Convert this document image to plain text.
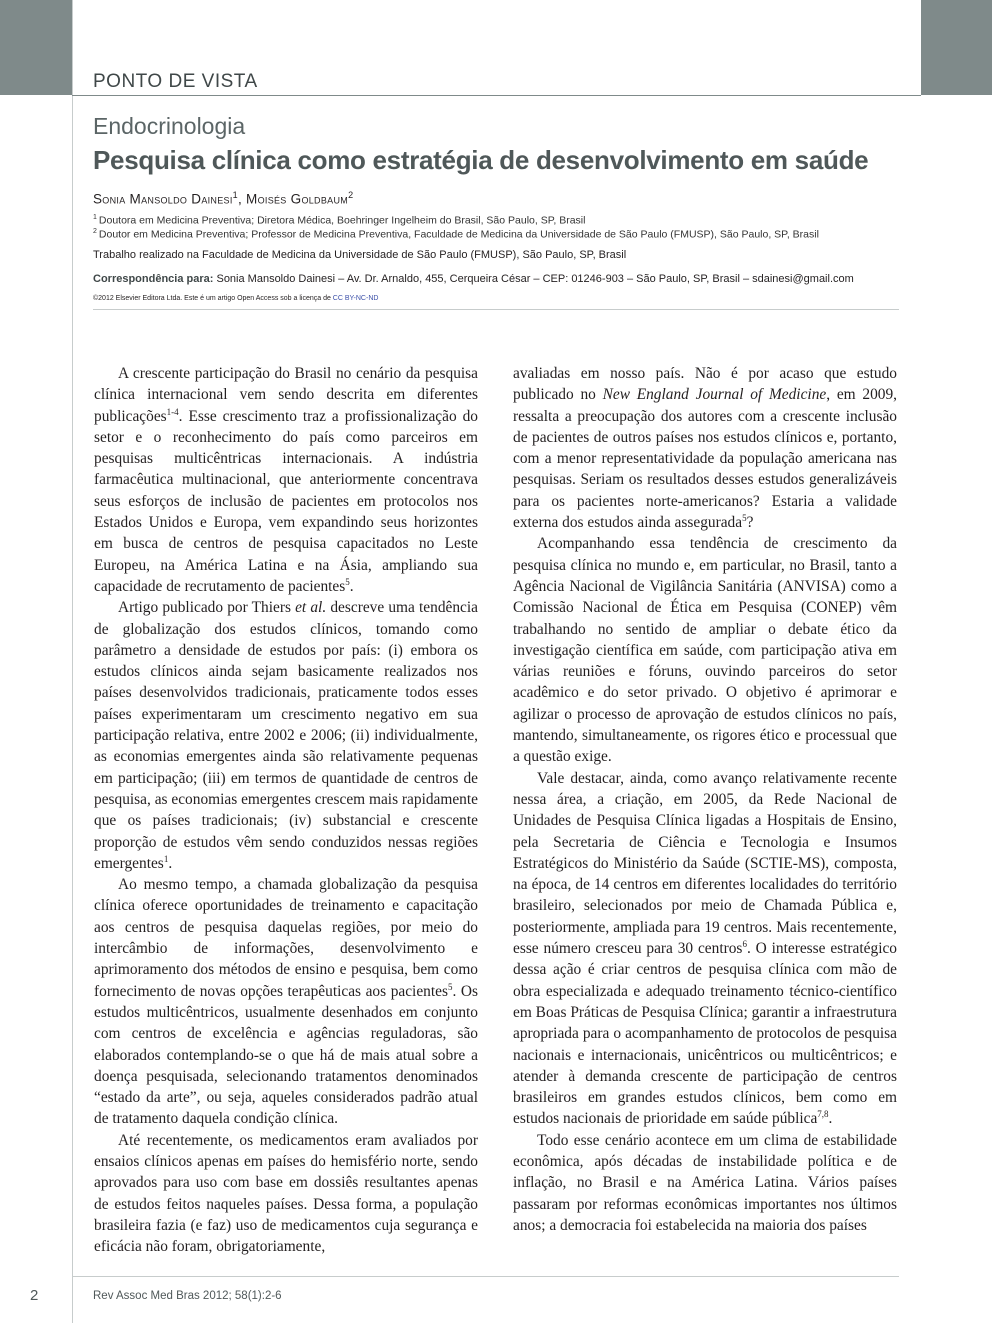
PONTO DE VISTA
Endocrinologia
Pesquisa clínica como estratégia de desenvolvimento em saúde
Sonia Mansoldo Dainesi$^1$, Moisés Goldbaum$^2$
$^1$ Doutora em Medicina Preventiva; Diretora Médica, Boehringer Ingelheim do Brasil, São Paulo, SP, Brasil
$^2$ Doutor em Medicina Preventiva; Professor de Medicina Preventiva, Faculdade de Medicina da Universidade de São Paulo (FMUSP), São Paulo, SP, Brasil
Trabalho realizado na Faculdade de Medicina da Universidade de São Paulo (FMUSP), São Paulo, SP, Brasil
Correspondência para: Sonia Mansoldo Dainesi – Av. Dr. Arnaldo, 455, Cerqueira César – CEP: 01246-903 – São Paulo, SP, Brasil – sdainesi@gmail.com
©2012 Elsevier Editora Ltda. Este é um artigo Open Access sob a licença de CC BY-NC-ND

A crescente participação do Brasil no cenário da pesquisa clínica internacional vem sendo descrita em diferentes publicações$^{1-4}$. Esse crescimento traz a profissionalização do setor e o reconhecimento do país como parceiros em pesquisas multicêntricas internacionais. A indústria farmacêutica multinacional, que anteriormente concentrava seus esforços de inclusão de pacientes em protocolos nos Estados Unidos e Europa, vem expandindo seus horizontes em busca de centros de pesquisa capacitados no Leste Europeu, na América Latina e na Ásia, ampliando sua capacidade de recrutamento de pacientes$^5$.

Artigo publicado por Thiers et al. descreve uma tendência de globalização dos estudos clínicos, tomando como parâmetro a densidade de estudos por país: (i) embora os estudos clínicos ainda sejam basicamente realizados nos países desenvolvidos tradicionais, praticamente todos esses países experimentaram um crescimento negativo em sua participação relativa, entre 2002 e 2006; (ii) individualmente, as economias emergentes ainda são relativamente pequenas em participação; (iii) em termos de quantidade de centros de pesquisa, as economias emergentes crescem mais rapidamente que os países tradicionais; (iv) substancial e crescente proporção de estudos vêm sendo conduzidos nessas regiões emergentes$^1$.

Ao mesmo tempo, a chamada globalização da pesquisa clínica oferece oportunidades de treinamento e capacitação aos centros de pesquisa daquelas regiões, por meio do intercâmbio de informações, desenvolvimento e aprimoramento dos métodos de ensino e pesquisa, bem como fornecimento de novas opções terapêuticas aos pacientes$^5$. Os estudos multicêntricos, usualmente desenhados em conjunto com centros de excelência e agências reguladoras, são elaborados contemplando-se o que há de mais atual sobre a doença pesquisada, selecionando tratamentos denominados “estado da arte”, ou seja, aqueles considerados padrão atual de tratamento daquela condição clínica.

Até recentemente, os medicamentos eram avaliados por ensaios clínicos apenas em países do hemisfério norte, sendo aprovados para uso com base em dossiês resultantes apenas de estudos feitos naqueles países. Dessa forma, a população brasileira fazia (e faz) uso de medicamentos cuja segurança e eficácia não foram, obrigatoriamente,

avaliadas em nosso país. Não é por acaso que estudo publicado no New England Journal of Medicine, em 2009, ressalta a preocupação dos autores com a crescente inclusão de pacientes de outros países nos estudos clínicos e, portanto, com a menor representatividade da população americana nas pesquisas. Seriam os resultados desses estudos generalizáveis para os pacientes norte-americanos? Estaria a validade externa dos estudos ainda assegurada$^5$?

Acompanhando essa tendência de crescimento da pesquisa clínica no mundo e, em particular, no Brasil, tanto a Agência Nacional de Vigilância Sanitária (ANVISA) como a Comissão Nacional de Ética em Pesquisa (CONEP) vêm trabalhando no sentido de ampliar o debate ético da investigação científica em saúde, com participação ativa em várias reuniões e fóruns, ouvindo parceiros do setor acadêmico e do setor privado. O objetivo é aprimorar e agilizar o processo de aprovação de estudos clínicos no país, mantendo, simultaneamente, os rigores ético e processual que a questão exige.

Vale destacar, ainda, como avanço relativamente recente nessa área, a criação, em 2005, da Rede Nacional de Unidades de Pesquisa Clínica ligadas a Hospitais de Ensino, pela Secretaria de Ciência e Tecnologia e Insumos Estratégicos do Ministério da Saúde (SCTIE-MS), composta, na época, de 14 centros em diferentes localidades do território brasileiro, selecionados por meio de Chamada Pública e, posteriormente, ampliada para 19 centros. Mais recentemente, esse número cresceu para 30 centros$^6$. O interesse estratégico dessa ação é criar centros de pesquisa clínica com mão de obra especializada e adequado treinamento técnico-científico em Boas Práticas de Pesquisa Clínica; garantir a infraestrutura apropriada para o acompanhamento de protocolos de pesquisa nacionais e internacionais, unicêntricos ou multicêntricos; e atender à demanda crescente de participação de centros brasileiros em grandes estudos clínicos, bem como em estudos nacionais de prioridade em saúde pública$^{7,8}$.

Todo esse cenário acontece em um clima de estabilidade econômica, após décadas de instabilidade política e de inflação, no Brasil e na América Latina. Vários países passaram por reformas econômicas importantes nos últimos anos; a democracia foi estabelecida na maioria dos países

2	Rev Assoc Med Bras 2012; 58(1):2-6
